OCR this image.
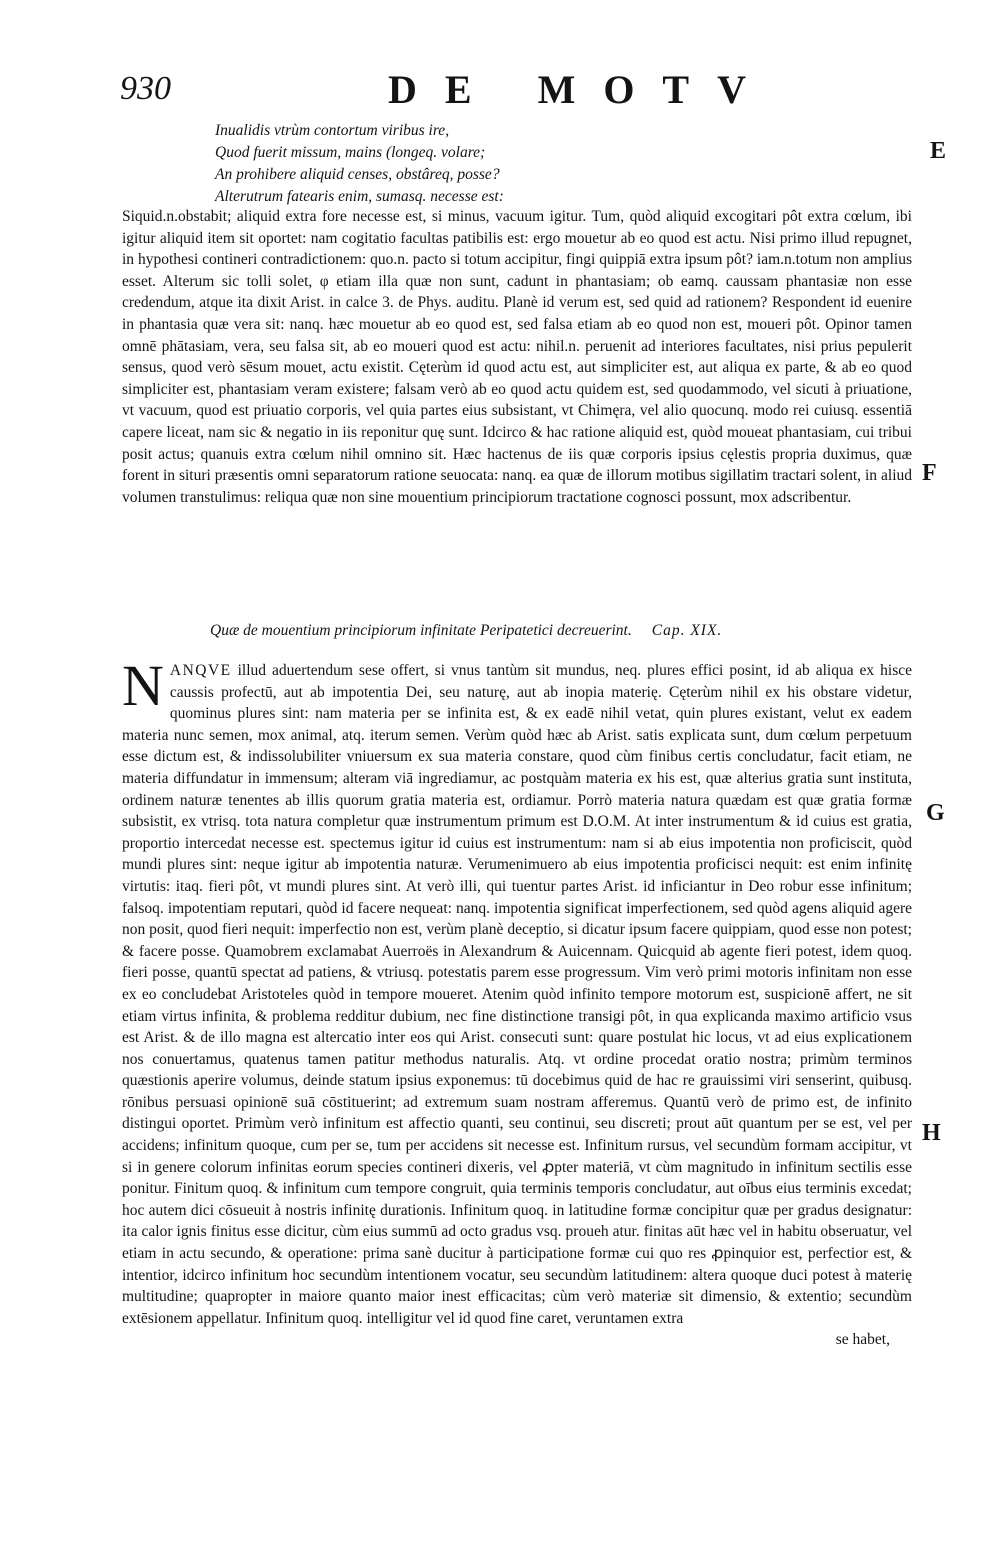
930	DE MOTV
E
F
G
H
Inualidis vtrùm contortum viribus ire,
Quod fuerit missum, mains (longeq. volare;
An prohibere aliquid censes, obstâreq, posse?
Alterutrum fatearis enim, sumasq. necesse est:

Siquid.n.obstabit; aliquid extra fore necesse est, si minus, vacuum igitur. Tum, quòd aliquid excogitari pôt extra cœlum, ibi igitur aliquid item sit oportet: nam cogitatio facultas patibilis est: ergo mouetur ab eo quod est actu. Nisi primo illud repugnet, in hypothesi contineri contradictionem: quo.n. pacto si totum accipitur, fingi quippiā extra ipsum pôt? iam.n.totum non amplius esset. Alterum sic tolli solet, φ etiam illa quæ non sunt, cadunt in phantasiam; ob eamq. caussam phantasiæ non esse credendum, atque ita dixit Arist. in calce 3. de Phys. auditu. Planè id verum est, sed quid ad rationem? Respondent id euenire in phantasia quæ vera sit: nanq. hæc mouetur ab eo quod est, sed falsa etiam ab eo quod non est, moueri pôt. Opinor tamen omnē phātasiam, vera, seu falsa sit, ab eo moueri quod est actu: nihil.n. peruenit ad interiores facultates, nisi prius pepulerit sensus, quod verò sēsum mouet, actu existit. Cęterùm id quod actu est, aut simpliciter est, aut aliqua ex parte, & ab eo quod simpliciter est, phantasiam veram existere; falsam verò ab eo quod actu quidem est, sed quodammodo, vel sicuti à priuatione, vt vacuum, quod est priuatio corporis, vel quia partes eius subsistant, vt Chimęra, vel alio quocunq. modo rei cuiusq. essentiā capere liceat, nam sic & negatio in iis reponitur quę sunt. Idcirco & hac ratione aliquid est, quòd moueat phantasiam, cui tribui posit actus; quanuis extra cœlum nihil omnino sit. Hæc hactenus de iis quæ corporis ipsius cęlestis propria duximus, quæ forent in situri præsentis omni separatorum ratione seuocata: nanq. ea quæ de illorum motibus sigillatim tractari solent, in aliud volumen transtulimus: reliqua quæ non sine mouentium principiorum tractatione cognosci possunt, mox adscribentur.

Quæ de mouentium principiorum infinitate Peripatetici decreuerint. Cap. XIX.

NANQVE illud aduertendum sese offert, si vnus tantùm sit mundus, neq. plures effici posint, id ab aliqua ex hisce caussis profectū, aut ab impotentia Dei, seu naturę, aut ab inopia materię. Cęterùm nihil ex his obstare videtur, quominus plures sint: nam materia per se infinita est, & ex eadē nihil vetat, quin plures existant, velut ex eadem materia nunc semen, mox animal, atq. iterum semen. Verùm quòd hæc ab Arist. satis explicata sunt, dum cœlum perpetuum esse dictum est, & indissolubiliter vniuersum ex sua materia constare, quod cùm finibus certis concludatur, facit etiam, ne materia diffundatur in immensum; alteram viā ingrediamur, ac postquàm materia ex his est, quæ alterius gratia sunt instituta, ordinem naturæ tenentes ab illis quorum gratia materia est, ordiamur. Porrò materia natura quædam est quæ gratia formæ subsistit, ex vtrisq. tota natura completur quæ instrumentum primum est D.O.M. At inter instrumentum & id cuius est gratia, proportio intercedat necesse est. spectemus igitur id cuius est instrumentum: nam si ab eius impotentia non proficiscit, quòd mundi plures sint: neque igitur ab impotentia naturæ. Verumenimuero ab eius impotentia proficisci nequit: est enim infinitę virtutis: itaq. fieri pôt, vt mundi plures sint. At verò illi, qui tuentur partes Arist. id inficiantur in Deo robur esse infinitum; falsoq. impotentiam reputari, quòd id facere nequeat: nanq. impotentia significat imperfectionem, sed quòd agens aliquid agere non posit, quod fieri nequit: imperfectio non est, verùm planè deceptio, si dicatur ipsum facere quippiam, quod esse non potest; & facere posse. Quamobrem exclamabat Auerroës in Alexandrum & Auicennam. Quicquid ab agente fieri potest, idem quoq. fieri posse, quantū spectat ad patiens, & vtriusq. potestatis parem esse progressum. Vim verò primi motoris infinitam non esse ex eo concludebat Aristoteles quòd in tempore moueret. Atenim quòd infinito tempore motorum est, suspicionē affert, ne sit etiam virtus infinita, & problema redditur dubium, nec fine distinctione transigi pôt, in qua explicanda maximo artificio vsus est Arist. & de illo magna est altercatio inter eos qui Arist. consecuti sunt: quare postulat hic locus, vt ad eius explicationem nos conuertamus, quatenus tamen patitur methodus naturalis. Atq. vt ordine procedat oratio nostra; primùm terminos quæstionis aperire volumus, deinde statum ipsius exponemus: tū docebimus quid de hac re grauissimi viri senserint, quibusq. rōnibus persuasi opinionē suā cōstituerint; ad extremum suam nostram afferemus. Quantū verò de primo est, de infinito distingui oportet. Primùm verò infinitum est affectio quanti, seu continui, seu discreti; prout aūt quantum per se est, vel per accidens; infinitum quoque, cum per se, tum per accidens sit necesse est. Infinitum rursus, vel secundùm formam accipitur, vt si in genere colorum infinitas eorum species contineri dixeris, vel ꝓpter materiā, vt cùm magnitudo in infinitum sectilis esse ponitur. Finitum quoq. & infinitum cum tempore congruit, quia terminis temporis concludatur, aut oībus eius terminis excedat; hoc autem dici cōsueuit à nostris infinitę durationis. Infinitum quoq. in latitudine formæ concipitur quæ per gradus designatur: ita calor ignis finitus esse dicitur, cùm eius summū ad octo gradus vsq. proueh atur. finitas aūt hæc vel in habitu obseruatur, vel etiam in actu secundo, & operatione: prima sanè ducitur à participatione formæ cui quo res ꝓpinquior est, perfectior est, & intentior, idcirco infinitum hoc secundùm intentionem vocatur, seu secundùm latitudinem: altera quoque duci potest à materię multitudine; quapropter in maiore quanto maior inest efficacitas; cùm verò materiæ sit dimensio, & extentio; secundùm extēsionem appellatur. Infinitum quoq. intelligitur vel id quod fine caret, veruntamen extra

se habet,
